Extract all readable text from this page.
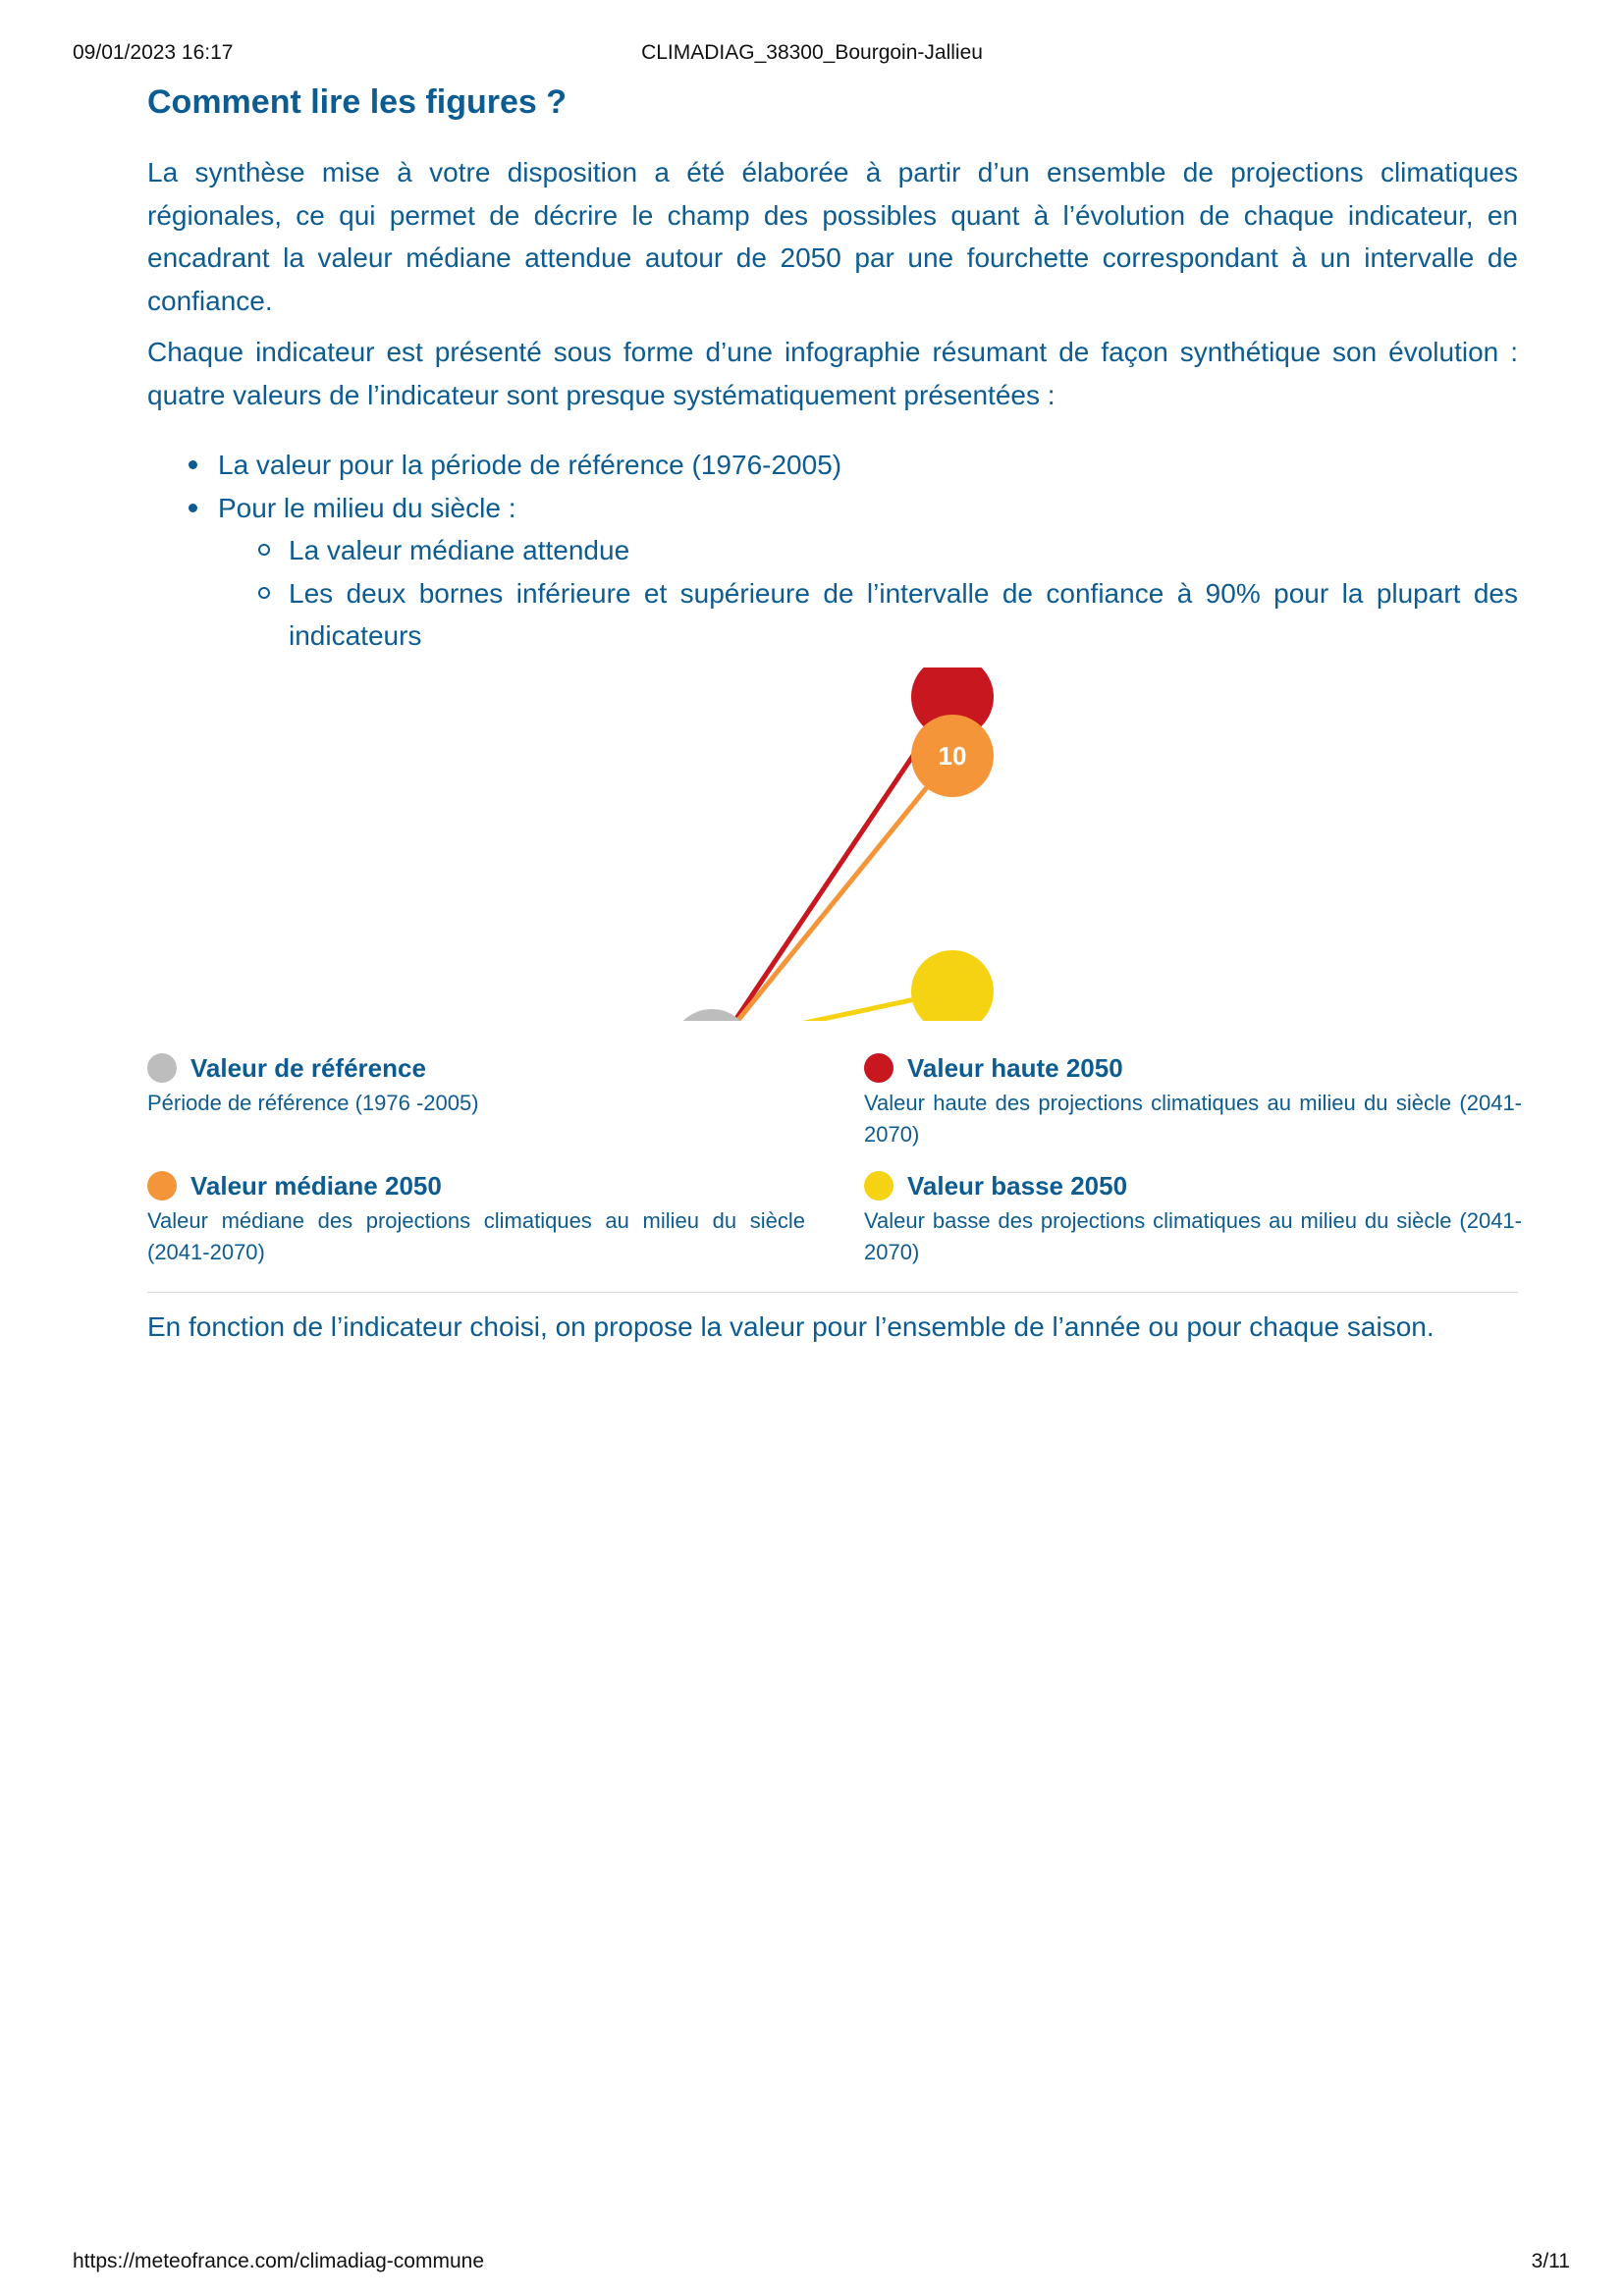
09/01/2023 16:17	CLIMADIAG_38300_Bourgoin-Jallieu
Comment lire les figures ?

La synthèse mise à votre disposition a été élaborée à partir d’un ensemble de projections climatiques régionales, ce qui permet de décrire le champ des possibles quant à l’évolution de chaque indicateur, en encadrant la valeur médiane attendue autour de 2050 par une fourchette correspondant à un intervalle de confiance.

Chaque indicateur est présenté sous forme d’une infographie résumant de façon synthétique son évolution : quatre valeurs de l’indicateur sont presque systématiquement présentées :

La valeur pour la période de référence (1976-2005)
Pour le milieu du siècle :
La valeur médiane attendue
Les deux bornes inférieure et supérieure de l’intervalle de confiance à 90% pour la plupart des indicateurs
10
Valeur de référence
Période de référence (1976 -2005)
Valeur haute 2050
Valeur haute des projections climatiques au milieu du siècle (2041-2070)
Valeur médiane 2050
Valeur médiane des projections climatiques au milieu du siècle (2041-2070)
Valeur basse 2050
Valeur basse des projections climatiques au milieu du siècle (2041-2070)

En fonction de l’indicateur choisi, on propose la valeur pour l’ensemble de l’année ou pour chaque saison.

https://meteofrance.com/climadiag-commune	3/11
